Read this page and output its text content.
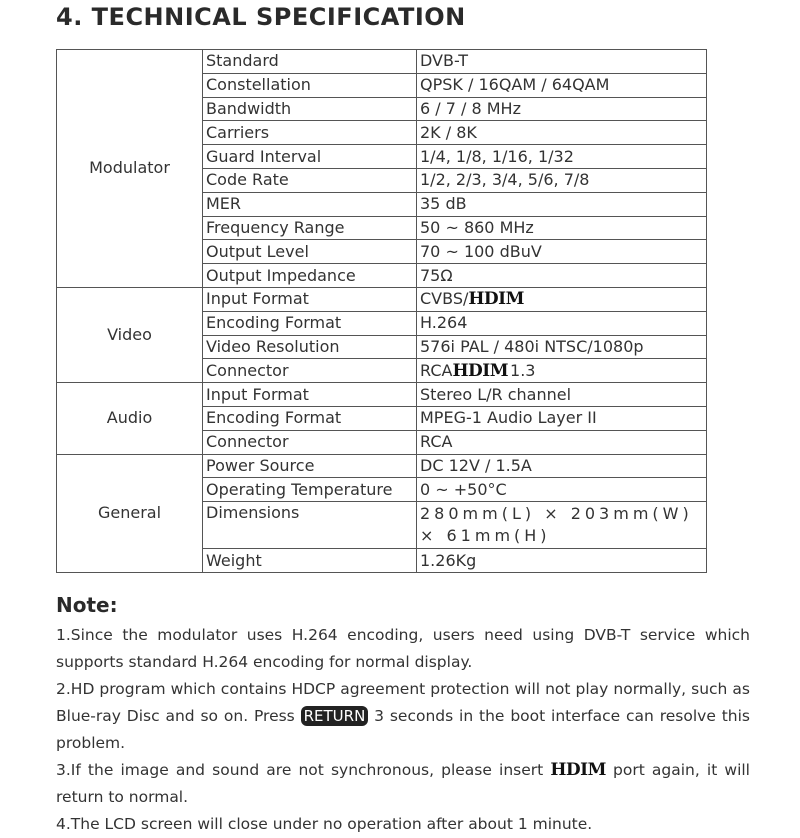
4. TECHNICAL SPECIFICATION
Modulator	Standard	DVB-T
	Constellation	QPSK / 16QAM / 64QAM
	Bandwidth	6 / 7 / 8 MHz
	Carriers	2K / 8K
	Guard Interval	1/4, 1/8, 1/16, 1/32
	Code Rate	1/2, 2/3, 3/4, 5/6, 7/8
	MER	35 dB
	Frequency Range	50 ~ 860 MHz
	Output Level	70 ~ 100 dBuV
	Output Impedance	75Ω
Video	Input Format	CVBS/HDIM
	Encoding Format	H.264
	Video Resolution	576i PAL / 480i NTSC/1080p
	Connector	RCAHDIM 1.3
Audio	Input Format	Stereo L/R channel
	Encoding Format	MPEG-1 Audio Layer II
	Connector	RCA
General	Power Source	DC 12V / 1.5A
	Operating Temperature	0 ~ +50°C
	Dimensions	280mm(L) × 203mm(W) × 61mm(H)
	Weight	1.26Kg
Note:

1.Since the modulator uses H.264 encoding, users need using DVB-T service which supports standard H.264 encoding for normal display.

2.HD program which contains HDCP agreement protection will not play normally, such as Blue-ray Disc and so on. Press RETURN 3 seconds in the boot interface can resolve this problem.

3.If the image and sound are not synchronous, please insert HDIM port again, it will return to normal.

4.The LCD screen will close under no operation after about 1 minute.
